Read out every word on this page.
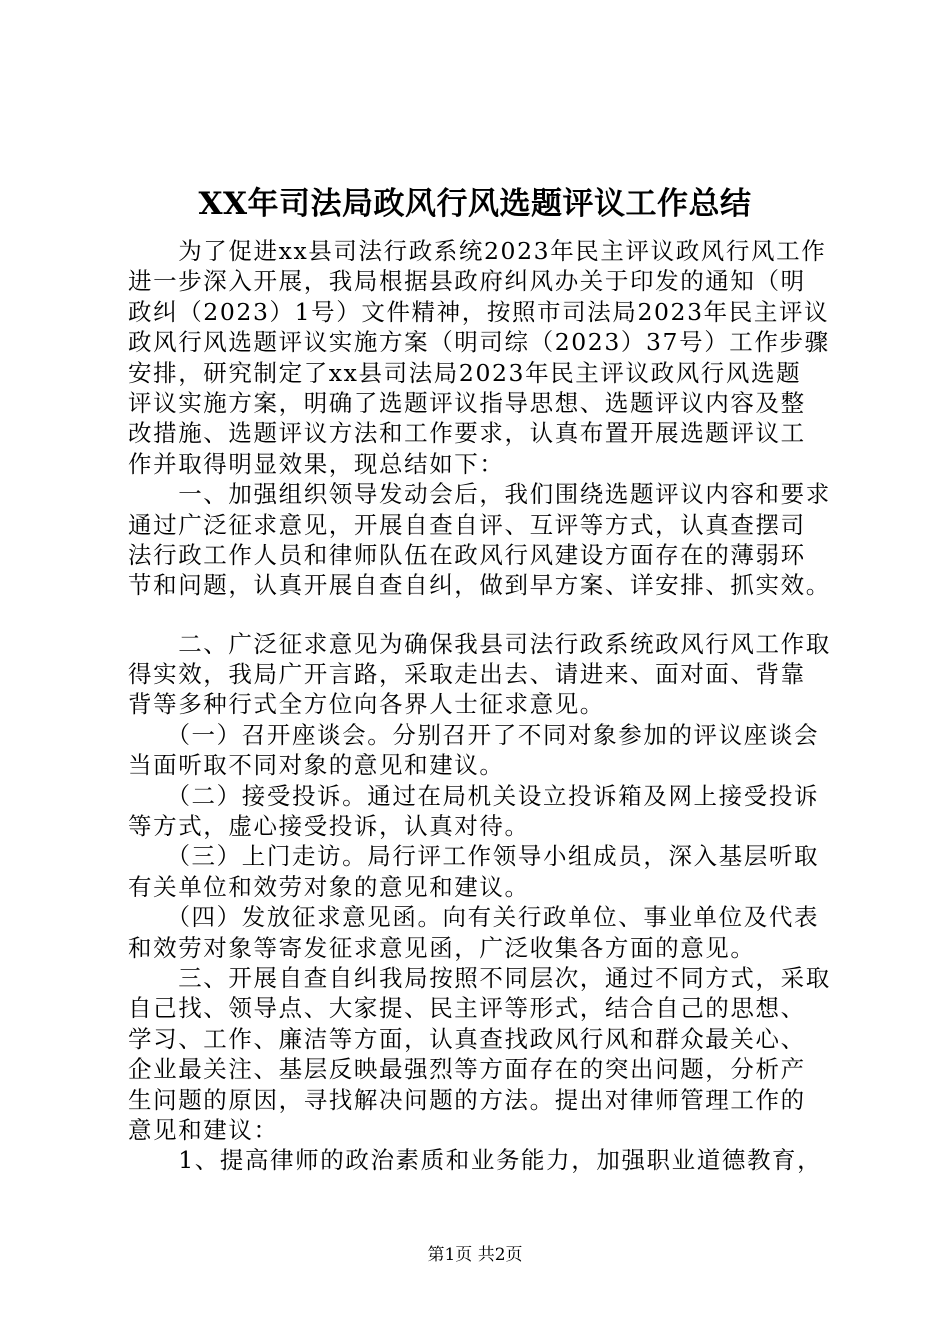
XX年司法局政风行风选题评议工作总结
　　为了促进xx县司法行政系统2023年民主评议政风行风工作
进一步深入开展，我局根据县政府纠风办关于印发的通知（明
政纠（2023）1号）文件精神，按照市司法局2023年民主评议
政风行风选题评议实施方案（明司综（2023）37号）工作步骤
安排，研究制定了xx县司法局2023年民主评议政风行风选题
评议实施方案，明确了选题评议指导思想、选题评议内容及整
改措施、选题评议方法和工作要求，认真布置开展选题评议工
作并取得明显效果，现总结如下：
　　一、加强组织领导发动会后，我们围绕选题评议内容和要求
通过广泛征求意见，开展自查自评、互评等方式，认真查摆司
法行政工作人员和律师队伍在政风行风建设方面存在的薄弱环
节和问题，认真开展自查自纠，做到早方案、详安排、抓实效。
　　二、广泛征求意见为确保我县司法行政系统政风行风工作取
得实效，我局广开言路，采取走出去、请进来、面对面、背靠
背等多种行式全方位向各界人士征求意见。
　　（一）召开座谈会。分别召开了不同对象参加的评议座谈会
当面听取不同对象的意见和建议。
　　（二）接受投诉。通过在局机关设立投诉箱及网上接受投诉
等方式，虚心接受投诉，认真对待。
　　（三）上门走访。局行评工作领导小组成员，深入基层听取
有关单位和效劳对象的意见和建议。
　　（四）发放征求意见函。向有关行政单位、事业单位及代表
和效劳对象等寄发征求意见函，广泛收集各方面的意见。
　　三、开展自查自纠我局按照不同层次，通过不同方式，采取
自己找、领导点、大家提、民主评等形式，结合自己的思想、
学习、工作、廉洁等方面，认真查找政风行风和群众最关心、
企业最关注、基层反映最强烈等方面存在的突出问题，分析产
生问题的原因，寻找解决问题的方法。提出对律师管理工作的
意见和建议：
　　1、提高律师的政治素质和业务能力，加强职业道德教育，
第1页 共2页
